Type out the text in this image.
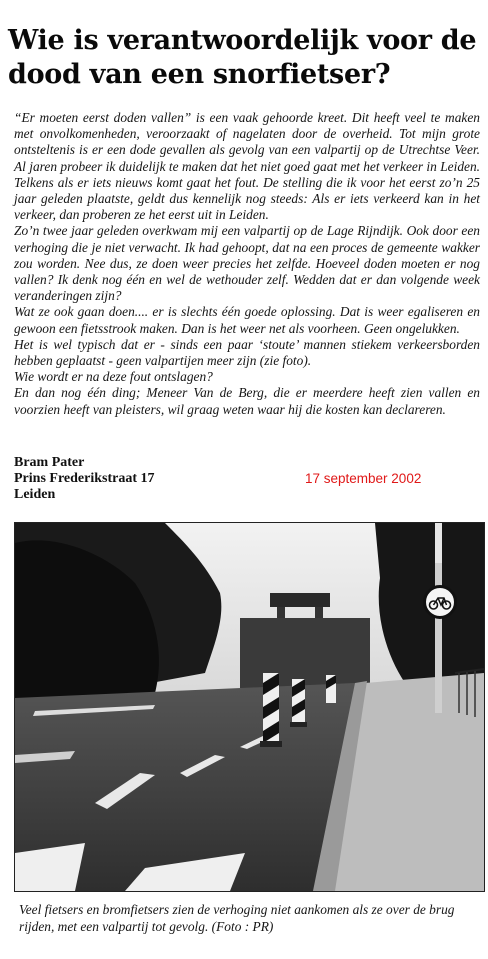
Wie is verantwoordelijk voor de dood van een snorfietser?

“Er moeten eerst doden vallen” is een vaak gehoorde kreet. Dit heeft veel te maken met onvolkomenheden, veroorzaakt of nagelaten door de overheid. Tot mijn grote ontsteltenis is er een dode gevallen als gevolg van een valpartij op de Utrechtse Veer. Al jaren probeer ik duidelijk te maken dat het niet goed gaat met het verkeer in Leiden. Telkens als er iets nieuws komt gaat het fout. De stelling die ik voor het eerst zo’n 25 jaar geleden plaatste, geldt dus kennelijk nog steeds: Als er iets verkeerd kan in het verkeer, dan proberen ze het eerst uit in Leiden.

Zo’n twee jaar geleden overkwam mij een valpartij op de Lage Rijndijk. Ook door een verhoging die je niet verwacht. Ik had gehoopt, dat na een proces de gemeente wakker zou worden. Nee dus, ze doen weer precies het zelfde. Hoeveel doden moeten er nog vallen? Ik denk nog één en wel de wethouder zelf. Wedden dat er dan volgende week veranderingen zijn?

Wat ze ook gaan doen.... er is slechts één goede oplossing. Dat is weer egaliseren en gewoon een fietsstrook maken. Dan is het weer net als voorheen. Geen ongelukken.

Het is wel typisch dat er - sinds een paar ‘stoute’ mannen stiekem verkeersborden hebben geplaatst - geen valpartijen meer zijn (zie foto).

Wie wordt er na deze fout ontslagen?

En dan nog één ding; Meneer Van de Berg, die er meerdere heeft zien vallen en voorzien heeft van pleisters, wil graag weten waar hij die kosten kan declareren.

Bram Pater
Prins Frederikstraat 17
Leiden
17 september 2002
Veel fietsers en bromfietsers zien de verhoging niet aankomen als ze over de brug rijden, met een valpartij tot gevolg. (Foto : PR)
